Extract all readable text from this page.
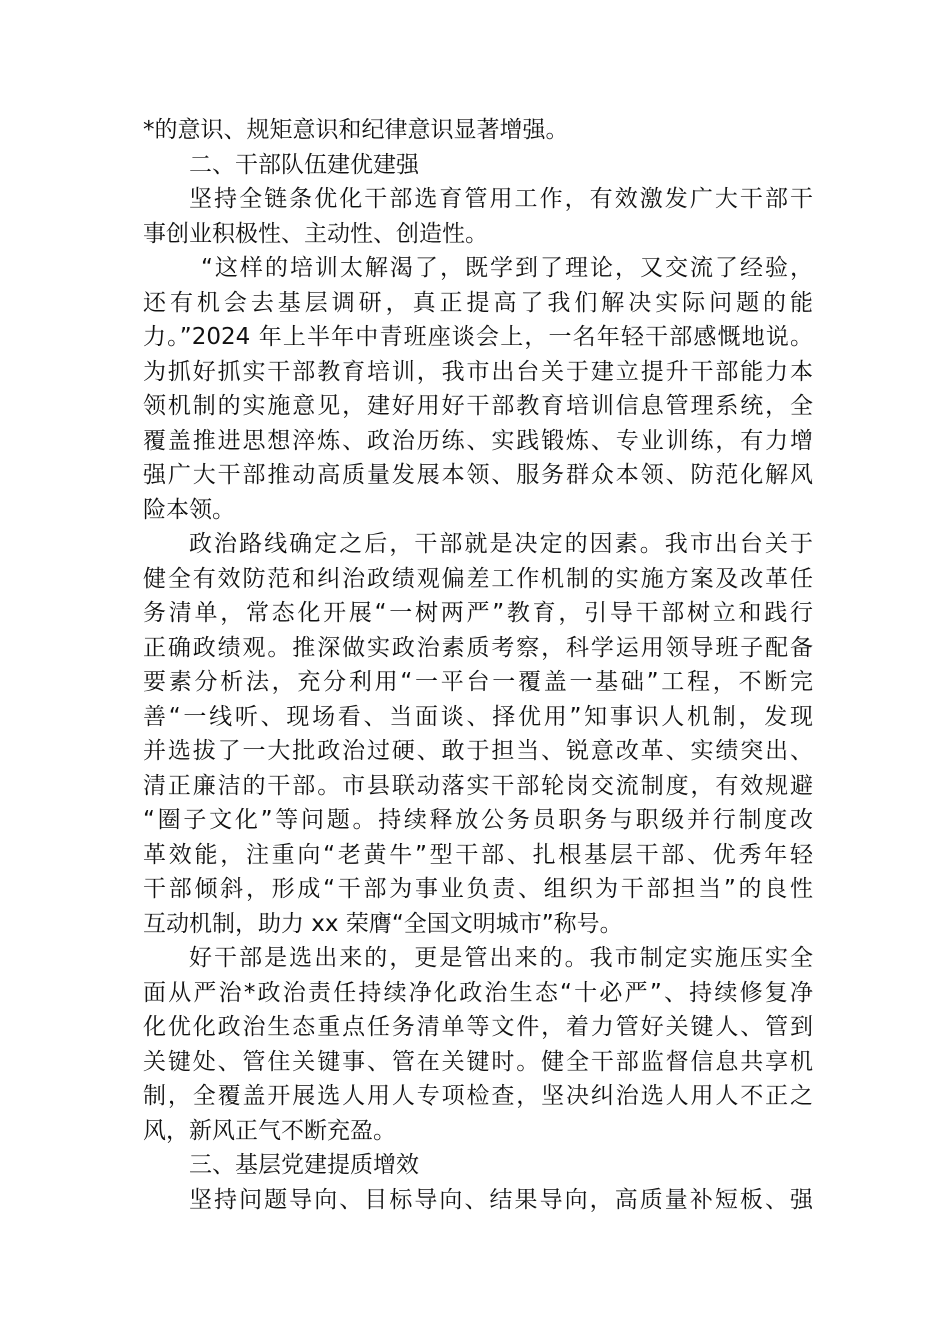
*的意识、规矩意识和纪律意识显著增强。
二、干部队伍建优建强
坚持全链条优化干部选育管用工作，有效激发广大干部干
事创业积极性、主动性、创造性。
“这样的培训太解渴了，既学到了理论，又交流了经验，
还有机会去基层调研，真正提高了我们解决实际问题的能
力。”2024 年上半年中青班座谈会上，一名年轻干部感慨地说。
为抓好抓实干部教育培训，我市出台关于建立提升干部能力本
领机制的实施意见，建好用好干部教育培训信息管理系统，全
覆盖推进思想淬炼、政治历练、实践锻炼、专业训练，有力增
强广大干部推动高质量发展本领、服务群众本领、防范化解风
险本领。
政治路线确定之后，干部就是决定的因素。我市出台关于
健全有效防范和纠治政绩观偏差工作机制的实施方案及改革任
务清单，常态化开展“一树两严”教育，引导干部树立和践行
正确政绩观。推深做实政治素质考察，科学运用领导班子配备
要素分析法，充分利用“一平台一覆盖一基础”工程，不断完
善“一线听、现场看、当面谈、择优用”知事识人机制，发现
并选拔了一大批政治过硬、敢于担当、锐意改革、实绩突出、
清正廉洁的干部。市县联动落实干部轮岗交流制度，有效规避
“圈子文化”等问题。持续释放公务员职务与职级并行制度改
革效能，注重向“老黄牛”型干部、扎根基层干部、优秀年轻
干部倾斜，形成“干部为事业负责、组织为干部担当”的良性
互动机制，助力 xx 荣膺“全国文明城市”称号。
好干部是选出来的，更是管出来的。我市制定实施压实全
面从严治*政治责任持续净化政治生态“十必严”、持续修复净
化优化政治生态重点任务清单等文件，着力管好关键人、管到
关键处、管住关键事、管在关键时。健全干部监督信息共享机
制，全覆盖开展选人用人专项检查，坚决纠治选人用人不正之
风，新风正气不断充盈。
三、基层党建提质增效
坚持问题导向、目标导向、结果导向，高质量补短板、强
